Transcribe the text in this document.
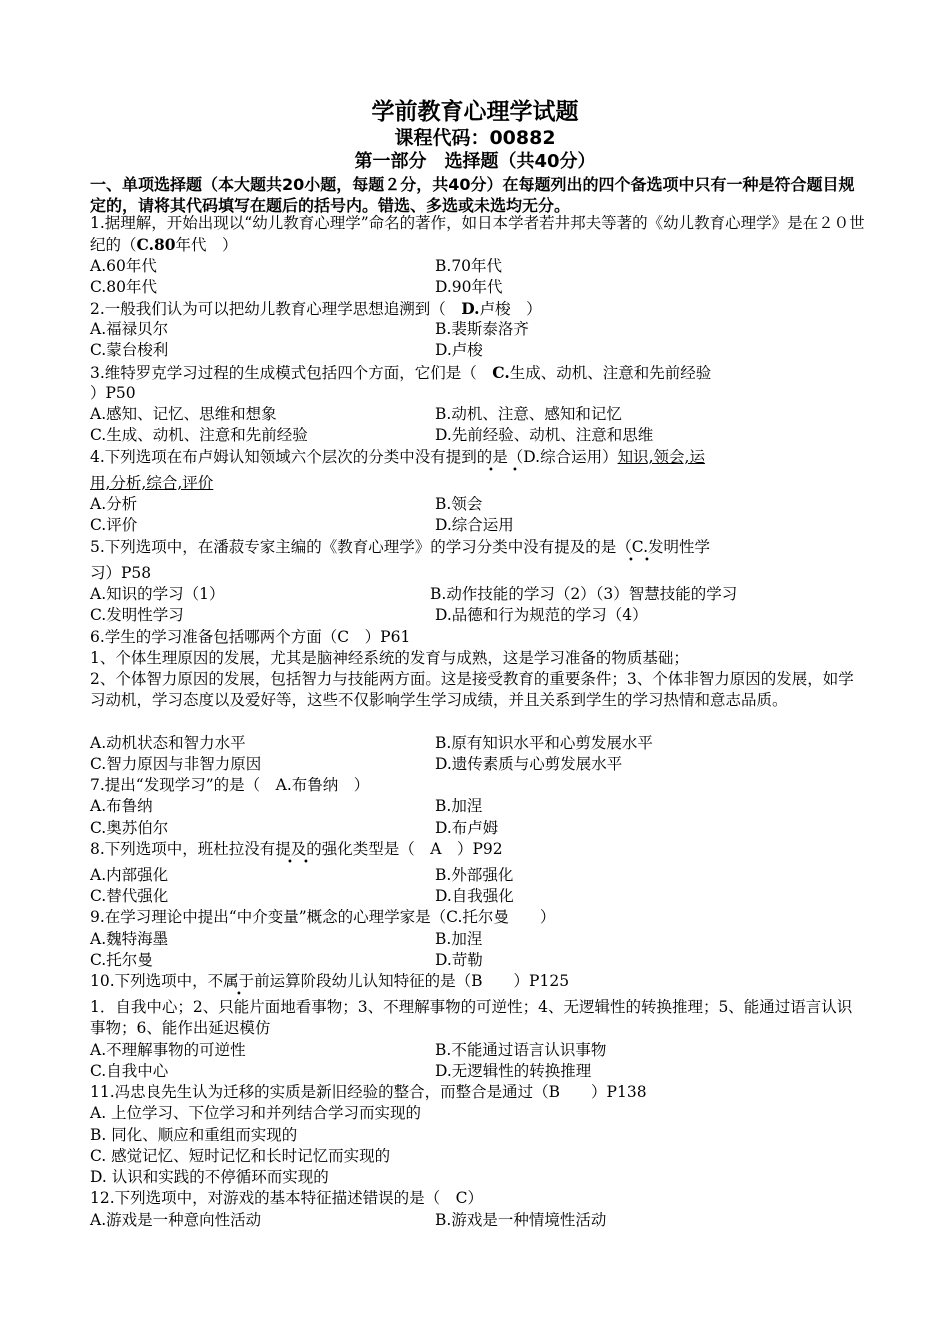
学前教育心理学试题
课程代码：00882
第一部分　选择题（共40分）
一、单项选择题（本大题共20小题，每题２分，共40分）在每题列出的四个备选项中只有一种是符合题目规定的，请将其代码填写在题后的括号内。错选、多选或未选均无分。
1.据理解，开始出现以“幼儿教育心理学”命名的著作，如日本学者若井邦夫等著的《幼儿教育心理学》是在２０世纪的（C.80年代　）
A.60年代	B.70年代
C.80年代	D.90年代
2.一般我们认为可以把幼儿教育心理学思想追溯到（　D.卢梭　）
A.福禄贝尔	B.裴斯泰洛齐
C.蒙台梭利	D.卢梭
3.维特罗克学习过程的生成模式包括四个方面，它们是（　C.生成、动机、注意和先前经验
）P50
A.感知、记忆、思维和想象	B.动机、注意、感知和记忆
C.生成、动机、注意和先前经验	D.先前经验、动机、注意和思维
4.下列选项在布卢姆认知领域六个层次的分类中没有提到的是（D.综合运用）知识,领会,运
• •
用,分析,综合,评价
A.分析	B.领会
C.评价	D.综合运用
5.下列选项中，在潘菽专家主编的《教育心理学》的学习分类中没有提及的是（C.发明性学
• •
习）P58
A.知识的学习（1）	B.动作技能的学习（2）（3）智慧技能的学习
C.发明性学习	D.品德和行为规范的学习（4）
6.学生的学习准备包括哪两个方面（C　）P61
1、个体生理原因的发展，尤其是脑神经系统的发育与成熟，这是学习准备的物质基础；
2、个体智力原因的发展，包括智力与技能两方面。这是接受教育的重要条件；3、个体非智力原因的发展，如学习动机，学习态度以及爱好等，这些不仅影响学生学习成绩，并且关系到学生的学习热情和意志品质。
A.动机状态和智力水平	B.原有知识水平和心剪发展水平
C.智力原因与非智力原因	D.遗传素质与心剪发展水平
7.提出“发现学习”的是（　A.布鲁纳　）
A.布鲁纳	B.加涅
C.奥苏伯尔	D.布卢姆
8.下列选项中，班杜拉没有提及的强化类型是（　A　）P92
• •
A.内部强化	B.外部强化
C.替代强化	D.自我强化
9.在学习理论中提出“中介变量”概念的心理学家是（C.托尔曼　　）
A.魏特海墨	B.加涅
C.托尔曼	D.苛勒
10.下列选项中，不属于前运算阶段幼儿认知特征的是（B　　）P125
•
1．自我中心；2、只能片面地看事物；3、不理解事物的可逆性；4、无逻辑性的转换推理；5、能通过语言认识事物；6、能作出延迟模仿
A.不理解事物的可逆性	B.不能通过语言认识事物
C.自我中心	D.无逻辑性的转换推理
11.冯忠良先生认为迁移的实质是新旧经验的整合，而整合是通过（B　　）P138
A. 上位学习、下位学习和并列结合学习而实现的
B. 同化、顺应和重组而实现的
C. 感觉记忆、短时记忆和长时记忆而实现的
D. 认识和实践的不停循环而实现的
12.下列选项中，对游戏的基本特征描述错误的是（　C）
A.游戏是一种意向性活动	B.游戏是一种情境性活动
